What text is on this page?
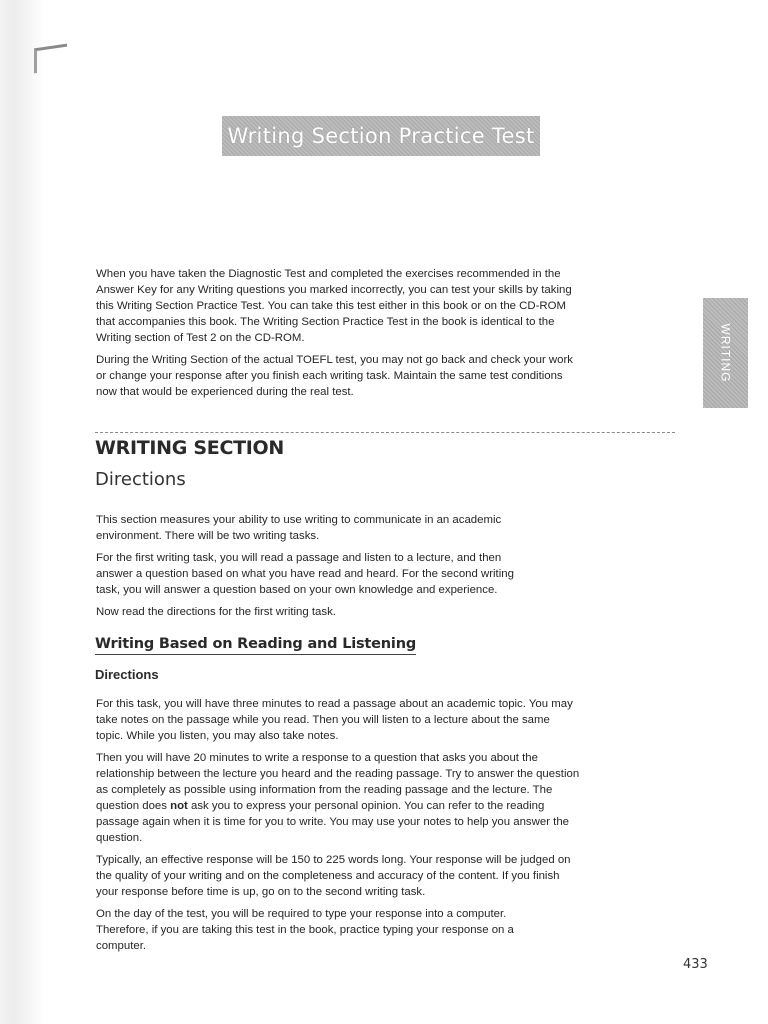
Writing Section Practice Test
WRITING

When you have taken the Diagnostic Test and completed the exercises recommended in the Answer Key for any Writing questions you marked incorrectly, you can test your skills by taking this Writing Section Practice Test. You can take this test either in this book or on the CD-ROM that accompanies this book. The Writing Section Practice Test in the book is identical to the Writing section of Test 2 on the CD-ROM.

During the Writing Section of the actual TOEFL test, you may not go back and check your work or change your response after you finish each writing task. Maintain the same test conditions now that would be experienced during the real test.

WRITING SECTION
Directions

This section measures your ability to use writing to communicate in an academic environment. There will be two writing tasks.

For the first writing task, you will read a passage and listen to a lecture, and then answer a question based on what you have read and heard. For the second writing task, you will answer a question based on your own knowledge and experience.

Now read the directions for the first writing task.

Writing Based on Reading and Listening
Directions

For this task, you will have three minutes to read a passage about an academic topic. You may take notes on the passage while you read. Then you will listen to a lecture about the same topic. While you listen, you may also take notes.

Then you will have 20 minutes to write a response to a question that asks you about the relationship between the lecture you heard and the reading passage. Try to answer the question as completely as possible using information from the reading passage and the lecture. The question does not ask you to express your personal opinion. You can refer to the reading passage again when it is time for you to write. You may use your notes to help you answer the question.

Typically, an effective response will be 150 to 225 words long. Your response will be judged on the quality of your writing and on the completeness and accuracy of the content. If you finish your response before time is up, go on to the second writing task.

On the day of the test, you will be required to type your response into a computer. Therefore, if you are taking this test in the book, practice typing your response on a computer.

433
